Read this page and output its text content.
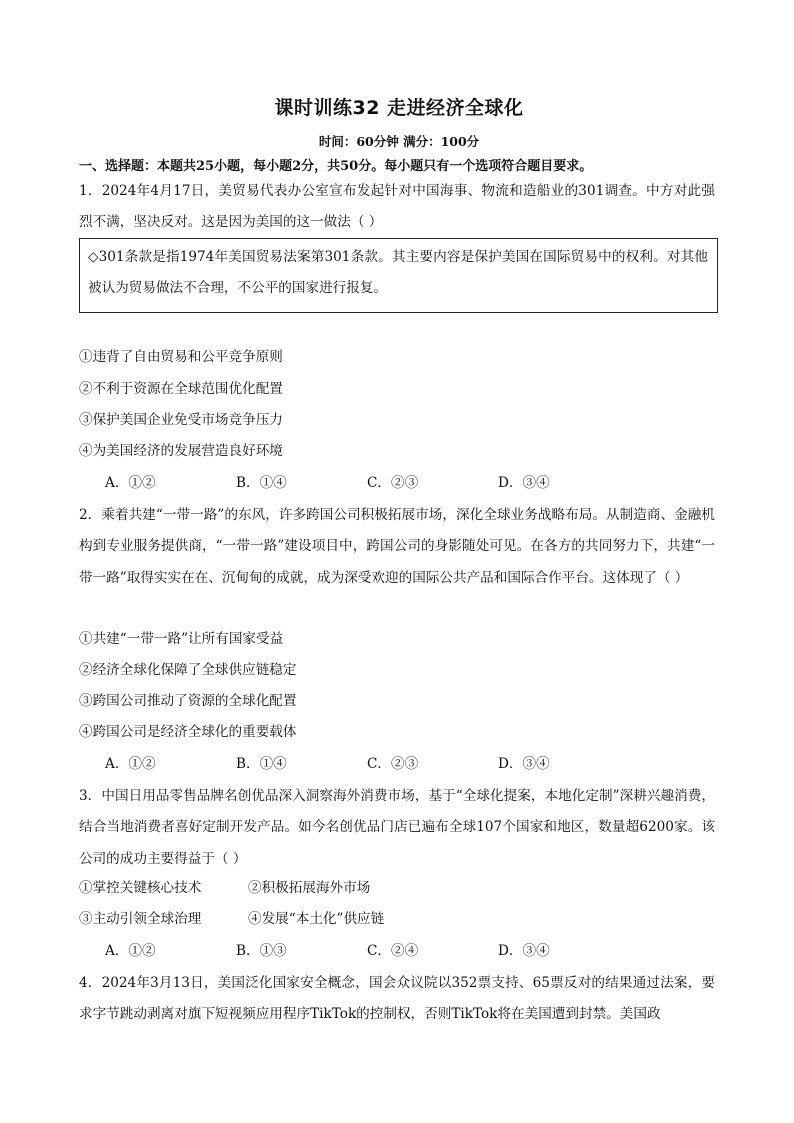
课时训练32 走进经济全球化
时间：60分钟 满分：100分
一、选择题：本题共25小题，每小题2分，共50分。每小题只有一个选项符合题目要求。
1．2024年4月17日，美贸易代表办公室宣布发起针对中国海事、物流和造船业的301调查。中方对此强烈不满，坚决反对。这是因为美国的这一做法（ ）
◇301条款是指1974年美国贸易法案第301条款。其主要内容是保护美国在国际贸易中的权利。对其他被认为贸易做法不合理，不公平的国家进行报复。
①违背了自由贸易和公平竞争原则
②不利于资源在全球范围优化配置
③保护美国企业免受市场竞争压力
④为美国经济的发展营造良好环境
A．①②	B．①④	C．②③	D．③④
2．乘着共建“一带一路”的东风，许多跨国公司积极拓展市场，深化全球业务战略布局。从制造商、金融机构到专业服务提供商，“一带一路”建设项目中，跨国公司的身影随处可见。在各方的共同努力下，共建“一带一路”取得实实在在、沉甸甸的成就，成为深受欢迎的国际公共产品和国际合作平台。这体现了（ ）
①共建“一带一路”让所有国家受益
②经济全球化保障了全球供应链稳定
③跨国公司推动了资源的全球化配置
④跨国公司是经济全球化的重要载体
A．①②	B．①④	C．②③	D．③④
3．中国日用品零售品牌名创优品深入洞察海外消费市场，基于“全球化提案，本地化定制”深耕兴趣消费，结合当地消费者喜好定制开发产品。如今名创优品门店已遍布全球107个国家和地区，数量超6200家。该公司的成功主要得益于（ ）
①掌控关键核心技术	②积极拓展海外市场
③主动引领全球治理	④发展“本土化”供应链
A．①②	B．①③	C．②④	D．③④
4．2024年3月13日，美国泛化国家安全概念，国会众议院以352票支持、65票反对的结果通过法案，要求字节跳动剥离对旗下短视频应用程序TikTok的控制权，否则TikTok将在美国遭到封禁。美国政
